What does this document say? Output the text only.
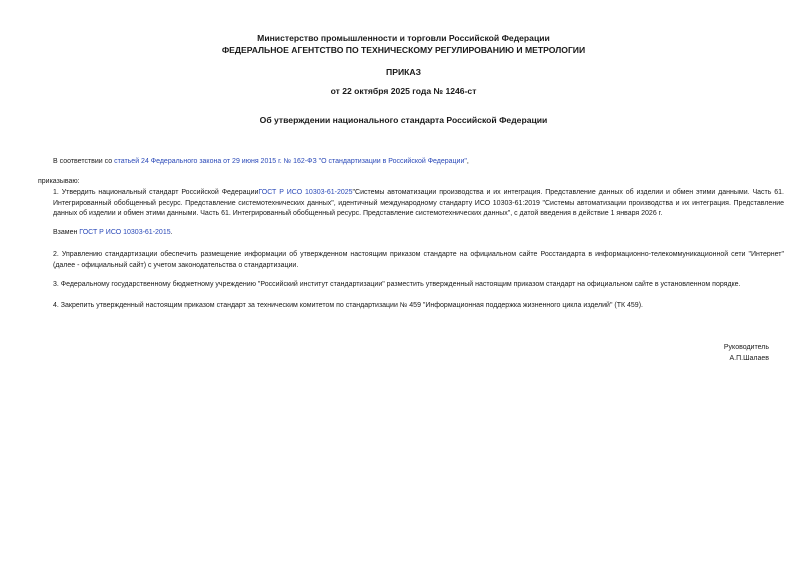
Министерство промышленности и торговли Российской Федерации
ФЕДЕРАЛЬНОЕ АГЕНТСТВО ПО ТЕХНИЧЕСКОМУ РЕГУЛИРОВАНИЮ И МЕТРОЛОГИИ
ПРИКАЗ
от 22 октября 2025 года № 1246-ст
Об утверждении национального стандарта Российской Федерации
В соответствии со статьей 24 Федерального закона от 29 июня 2015 г. № 162-ФЗ "О стандартизации в Российской Федерации",
приказываю:
1. Утвердить национальный стандарт Российской ФедерацииГОСТ Р ИСО 10303-61-2025"Системы автоматизации производства и их интеграция. Представление данных об изделии и обмен этими данными. Часть 61. Интегрированный обобщенный ресурс. Представление системотехнических данных", идентичный международному стандарту ИСО 10303-61:2019 "Системы автоматизации производства и их интеграция. Представление данных об изделии и обмен этими данными. Часть 61. Интегрированный обобщенный ресурс. Представление системотехнических данных", с датой введения в действие 1 января 2026 г.
Взамен ГОСТ Р ИСО 10303-61-2015.
2. Управлению стандартизации обеспечить размещение информации об утвержденном настоящим приказом стандарте на официальном сайте Росстандарта в информационно-телекоммуникационной сети "Интернет" (далее - официальный сайт) с учетом законодательства о стандартизации.
3. Федеральному государственному бюджетному учреждению "Российский институт стандартизации" разместить утвержденный настоящим приказом стандарт на официальном сайте в установленном порядке.
4. Закрепить утвержденный настоящим приказом стандарт за техническим комитетом по стандартизации № 459 "Информационная поддержка жизненного цикла изделий" (ТК 459).
Руководитель
А.П.Шалаев
